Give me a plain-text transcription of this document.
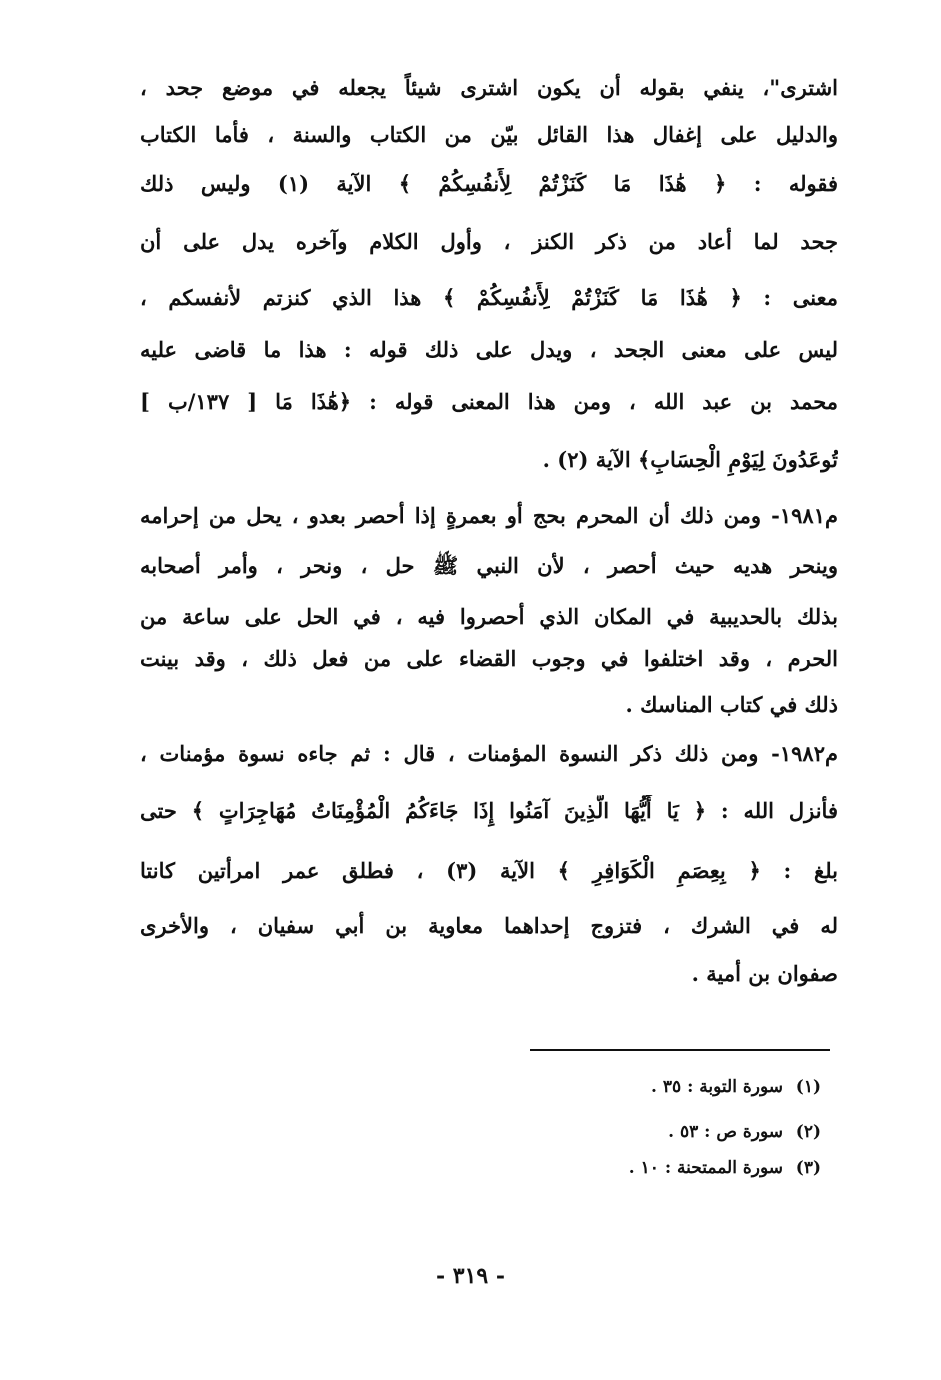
اشترى"، ينفي بقوله أن يكون اشترى شيئاً يجعله في موضع جحد ،
والدليل على إغفال هذا القائل بيّن من الكتاب والسنة ، فأما الكتاب
فقوله : ﴿ هَٰذَا مَا كَنَزْتُمْ لِأَنفُسِكُمْ ﴾ الآية (١) وليس ذلك
جحد لما أعاد من ذكر الكنز ، وأول الكلام وآخره يدل على أن
معنى : ﴿ هَٰذَا مَا كَنَزْتُمْ لِأَنفُسِكُمْ ﴾ هذا الذي كنزتم لأنفسكم ،
ليس على معنى الجحد ، ويدل على ذلك قوله : هذا ما قاضى عليه
محمد بن عبد الله ، ومن هذا المعنى قوله : ﴿هَٰذَا مَا [ ١٣٧/ب ]
تُوعَدُونَ لِيَوْمِ الْحِسَابِ﴾ الآية (٢) .
م١٩٨١- ومن ذلك أن المحرم بحج أو بعمرةٍ إذا أحصر بعدو ، يحل من إحرامه
وينحر هديه حيث أحصر ، لأن النبي ﷺ حل ، ونحر ، وأمر أصحابه
بذلك بالحديبية في المكان الذي أحصروا فيه ، في الحل على ساعة من
الحرم ، وقد اختلفوا في وجوب القضاء على من فعل ذلك ، وقد بينت
ذلك في كتاب المناسك .
م١٩٨٢- ومن ذلك ذكر النسوة المؤمنات ، قال : ثم جاءه نسوة مؤمنات ،
فأنزل الله : ﴿ يَا أَيُّهَا الَّذِينَ آمَنُوا إِذَا جَاءَكُمُ الْمُؤْمِنَاتُ مُهَاجِرَاتٍ ﴾ حتى
بلغ : ﴿ بِعِصَمِ الْكَوَافِرِ ﴾ الآية (٣) ، فطلق عمر امرأتين كانتا
له في الشرك ، فتزوج إحداهما معاوية بن أبي سفيان ، والأخرى
صفوان بن أمية .
(١)سورة التوبة : ٣٥ .
(٢)سورة ص : ٥٣ .
(٣)سورة الممتحنة : ١٠ .
- ٣١٩ -
